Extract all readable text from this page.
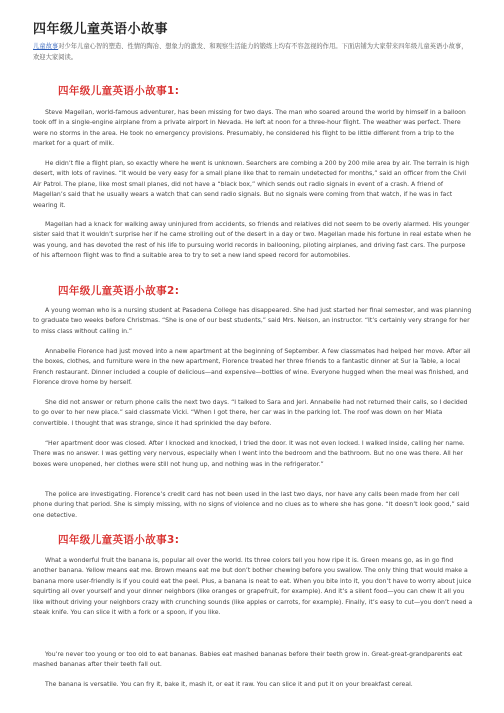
四年级儿童英语小故事
儿童故事对少年儿童心智的塑造、性情的陶冶、想象力的激发、和观察生活能力的锻练上均有不容忽视的作用。下面店铺为大家带来四年级儿童英语小故事，欢迎大家阅读。
四年级儿童英语小故事1:

Steve Magellan, world-famous adventurer, has been missing for two days. The man who soared around the world by himself in a balloon took off in a single-engine airplane from a private airport in Nevada. He left at noon for a three-hour flight. The weather was perfect. There were no storms in the area. He took no emergency provisions. Presumably, he considered his flight to be little different from a trip to the market for a quart of milk.

He didn’t file a flight plan, so exactly where he went is unknown. Searchers are combing a 200 by 200 mile area by air. The terrain is high desert, with lots of ravines. “It would be very easy for a small plane like that to remain undetected for months,” said an officer from the Civil Air Patrol. The plane, like most small planes, did not have a “black box,” which sends out radio signals in event of a crash. A friend of Magellan’s said that he usually wears a watch that can send radio signals. But no signals were coming from that watch, if he was in fact wearing it.

Magellan had a knack for walking away uninjured from accidents, so friends and relatives did not seem to be overly alarmed. His younger sister said that it wouldn’t surprise her if he came strolling out of the desert in a day or two. Magellan made his fortune in real estate when he was young, and has devoted the rest of his life to pursuing world records in ballooning, piloting airplanes, and driving fast cars. The purpose of his afternoon flight was to find a suitable area to try to set a new land speed record for automobiles.

四年级儿童英语小故事2:

A young woman who is a nursing student at Pasadena College has disappeared. She had just started her final semester, and was planning to graduate two weeks before Christmas. “She is one of our best students,” said Mrs. Nelson, an instructor. “It’s certainly very strange for her to miss class without calling in.”

Annabelle Florence had just moved into a new apartment at the beginning of September. A few classmates had helped her move. After all the boxes, clothes, and furniture were in the new apartment, Florence treated her three friends to a fantastic dinner at Sur la Table, a local French restaurant. Dinner included a couple of delicious—and expensive—bottles of wine. Everyone hugged when the meal was finished, and Florence drove home by herself.

She did not answer or return phone calls the next two days. “I talked to Sara and Jeri. Annabelle had not returned their calls, so I decided to go over to her new place.” said classmate Vicki. “When I got there, her car was in the parking lot. The roof was down on her Miata convertible. I thought that was strange, since it had sprinkled the day before.

“Her apartment door was closed. After I knocked and knocked, I tried the door. It was not even locked. I walked inside, calling her name. There was no answer. I was getting very nervous, especially when I went into the bedroom and the bathroom. But no one was there. All her boxes were unopened, her clothes were still not hung up, and nothing was in the refrigerator.”

The police are investigating. Florence’s credit card has not been used in the last two days, nor have any calls been made from her cell phone during that period. She is simply missing, with no signs of violence and no clues as to where she has gone. “It doesn’t look good,” said one detective.

四年级儿童英语小故事3:

What a wonderful fruit the banana is, popular all over the world. Its three colors tell you how ripe it is. Green means go, as in go find another banana. Yellow means eat me. Brown means eat me but don’t bother chewing before you swallow. The only thing that would make a banana more user-friendly is if you could eat the peel. Plus, a banana is neat to eat. When you bite into it, you don’t have to worry about juice squirting all over yourself and your dinner neighbors (like oranges or grapefruit, for example). And it’s a silent food—you can chew it all you like without driving your neighbors crazy with crunching sounds (like apples or carrots, for example). Finally, it’s easy to cut—you don’t need a steak knife. You can slice it with a fork or a spoon, if you like.

You’re never too young or too old to eat bananas. Babies eat mashed bananas before their teeth grow in. Great-great-grandparents eat mashed bananas after their teeth fall out.

The banana is versatile. You can fry it, bake it, mash it, or eat it raw. You can slice it and put it on your breakfast cereal.
